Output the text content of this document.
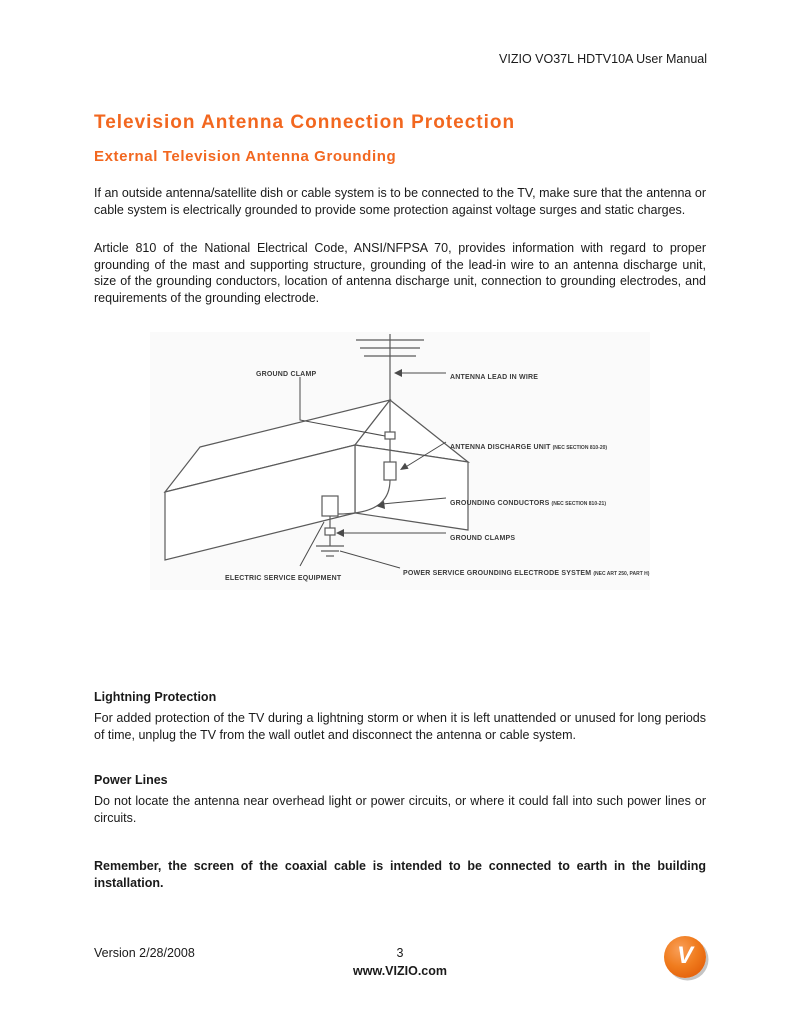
VIZIO VO37L HDTV10A User Manual
Television Antenna Connection Protection
External Television Antenna Grounding

If an outside antenna/satellite dish or cable system is to be connected to the TV, make sure that the antenna or cable system is electrically grounded to provide some protection against voltage surges and static charges.

Article 810 of the National Electrical Code, ANSI/NFPSA 70, provides information with regard to proper grounding of the mast and supporting structure, grounding of the lead-in wire to an antenna discharge unit, size of the grounding conductors, location of antenna discharge unit, connection to grounding electrodes, and requirements of the grounding electrode.

GROUND CLAMP	ANTENNA LEAD IN WIRE
ANTENNA DISCHARGE UNIT (NEC SECTION 810-20)
GROUNDING CONDUCTORS (NEC SECTION 810-21)
GROUND CLAMPS
ELECTRIC SERVICE EQUIPMENT
POWER SERVICE GROUNDING ELECTRODE SYSTEM (NEC ART 250, PART H)
Lightning Protection

For added protection of the TV during a lightning storm or when it is left unattended or unused for long periods of time, unplug the TV from the wall outlet and disconnect the antenna or cable system.

Power Lines

Do not locate the antenna near overhead light or power circuits, or where it could fall into such power lines or circuits.

Remember, the screen of the coaxial cable is intended to be connected to earth in the building installation.

Version 2/28/2008	3
www.VIZIO.com
V
